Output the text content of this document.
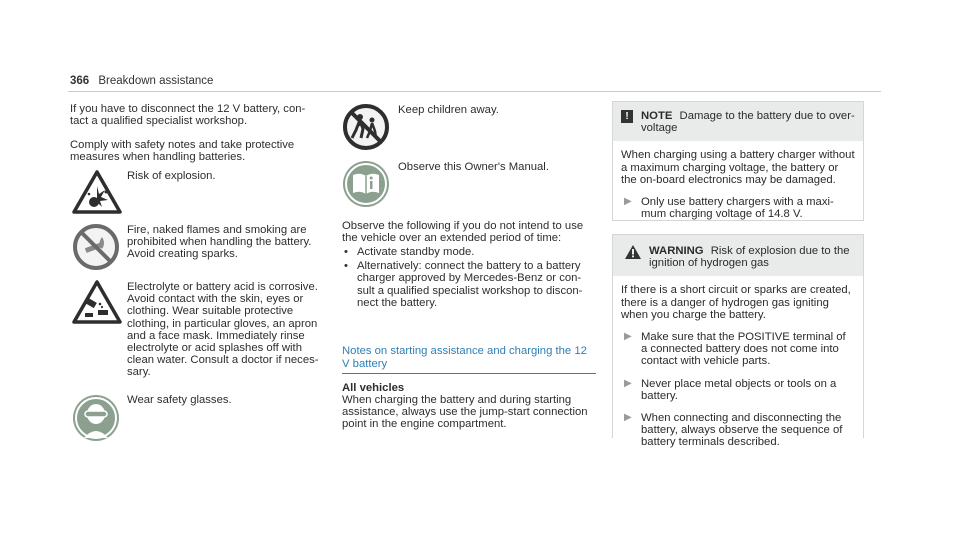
366 Breakdown assistance
If you have to disconnect the 12 V battery, con- tact a qualified specialist workshop.
Comply with safety notes and take protective measures when handling batteries.
Risk of explosion.
Fire, naked flames and smoking are prohibited when handling the battery. Avoid creating sparks.
Electrolyte or battery acid is corrosive. Avoid contact with the skin, eyes or clothing. Wear suitable protective clothing, in particular gloves, an apron and a face mask. Immediately rinse electrolyte or acid splashes off with clean water. Consult a doctor if neces- sary.
Wear safety glasses.
Keep children away.
Observe this Owner's Manual.
Observe the following if you do not intend to use the vehicle over an extended period of time:
• Activate standby mode.
• Alternatively: connect the battery to a battery charger approved by Mercedes-Benz or con- sult a qualified specialist workshop to discon- nect the battery.
Notes on starting assistance and charging the 12 V battery
All vehicles
When charging the battery and during starting assistance, always use the jump-start connection point in the engine compartment.
!	NOTE Damage to the battery due to over- voltage
When charging using a battery charger without a maximum charging voltage, the battery or the on-board electronics may be damaged.
▶ Only use battery chargers with a maxi- mum charging voltage of 14.8 V.
WARNING Risk of explosion due to the ignition of hydrogen gas
If there is a short circuit or sparks are created, there is a danger of hydrogen gas igniting when you charge the battery.
▶ Make sure that the POSITIVE terminal of a connected battery does not come into contact with vehicle parts.
▶ Never place metal objects or tools on a battery.
▶ When connecting and disconnecting the battery, always observe the sequence of battery terminals described.
